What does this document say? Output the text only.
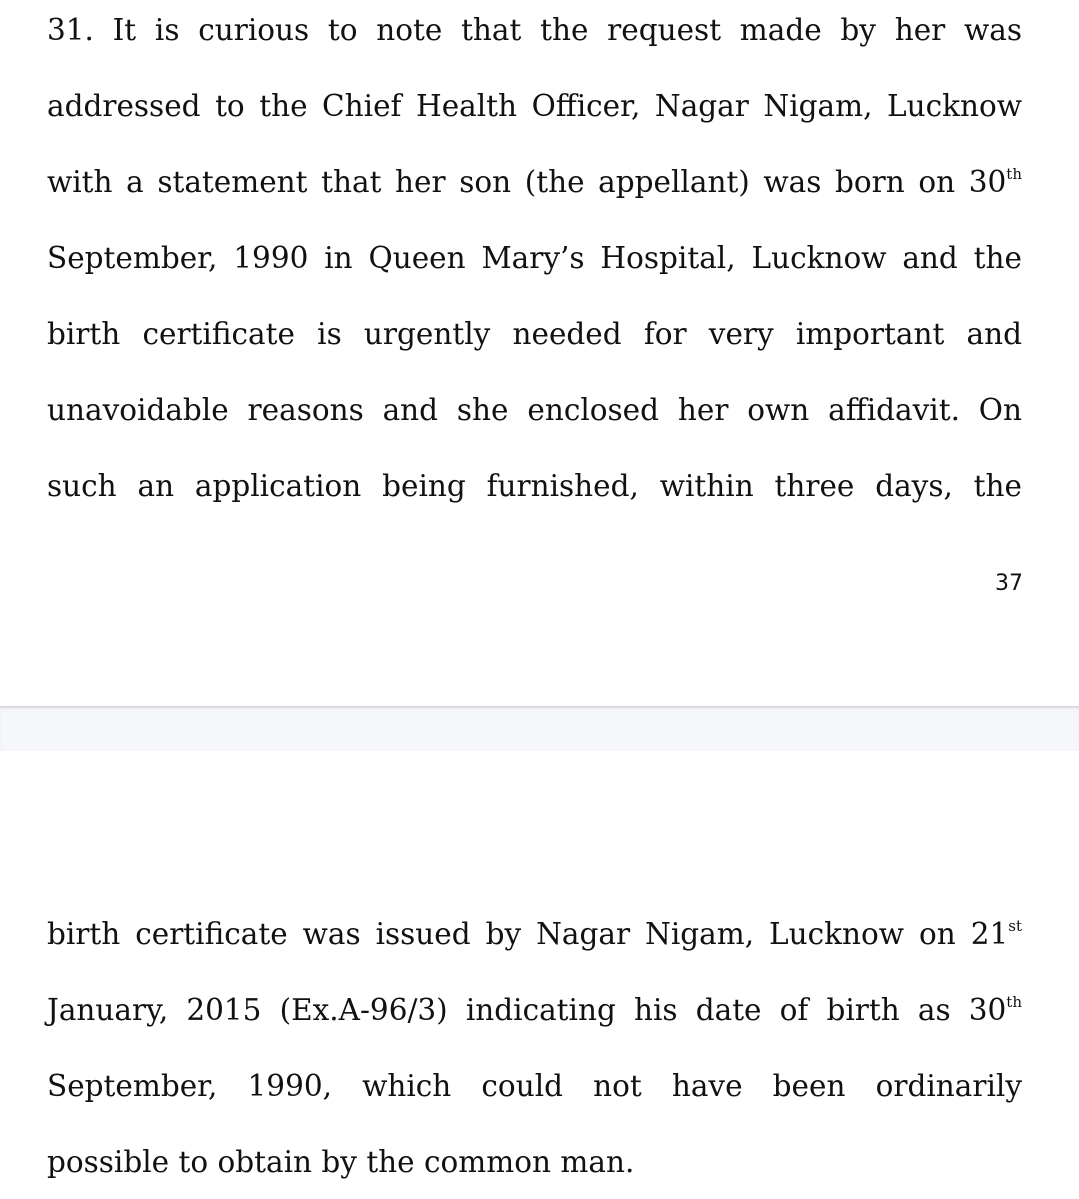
31. It is curious to note that the request made by her was
addressed to the Chief Health Officer, Nagar Nigam, Lucknow
with a statement that her son (the appellant) was born on 30th
September, 1990 in Queen Mary’s Hospital, Lucknow and the
birth certificate is urgently needed for very important and
unavoidable reasons and she enclosed her own affidavit. On
such an application being furnished, within three days, the
37
birth certificate was issued by Nagar Nigam, Lucknow on 21st
January, 2015 (Ex.A-96/3) indicating his date of birth as 30th
September, 1990, which could not have been ordinarily
possible to obtain by the common man.
